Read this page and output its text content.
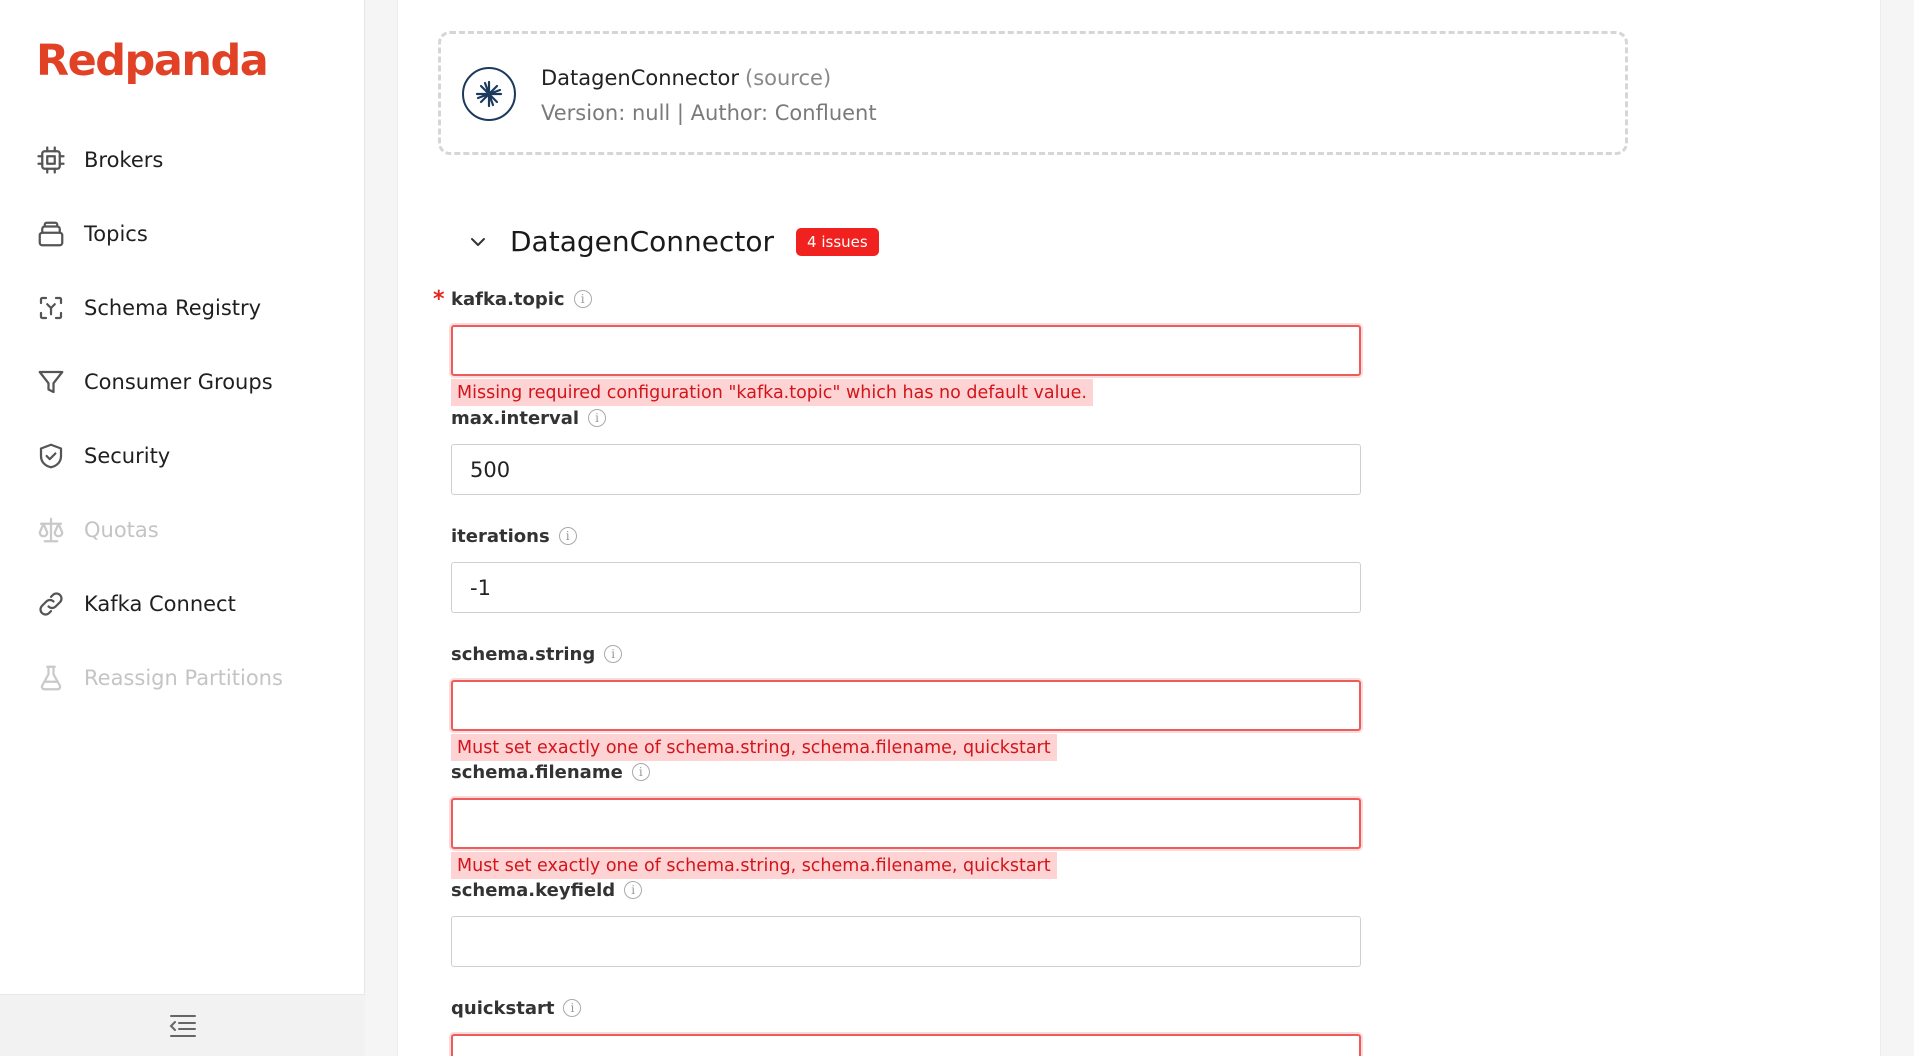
Redpanda
Brokers
Topics
Schema Registry
Consumer Groups
Security
Quotas
Kafka Connect
Reassign Partitions
DatagenConnector (source)
Version: null | Author: Confluent
DatagenConnector	4 issues
* kafka.topic	i
Missing required configuration "kafka.topic" which has no default value.
max.interval	i
500
iterations	i
-1
schema.string	i
Must set exactly one of schema.string, schema.filename, quickstart
schema.filename	i
Must set exactly one of schema.string, schema.filename, quickstart
schema.keyfield	i
quickstart	i
